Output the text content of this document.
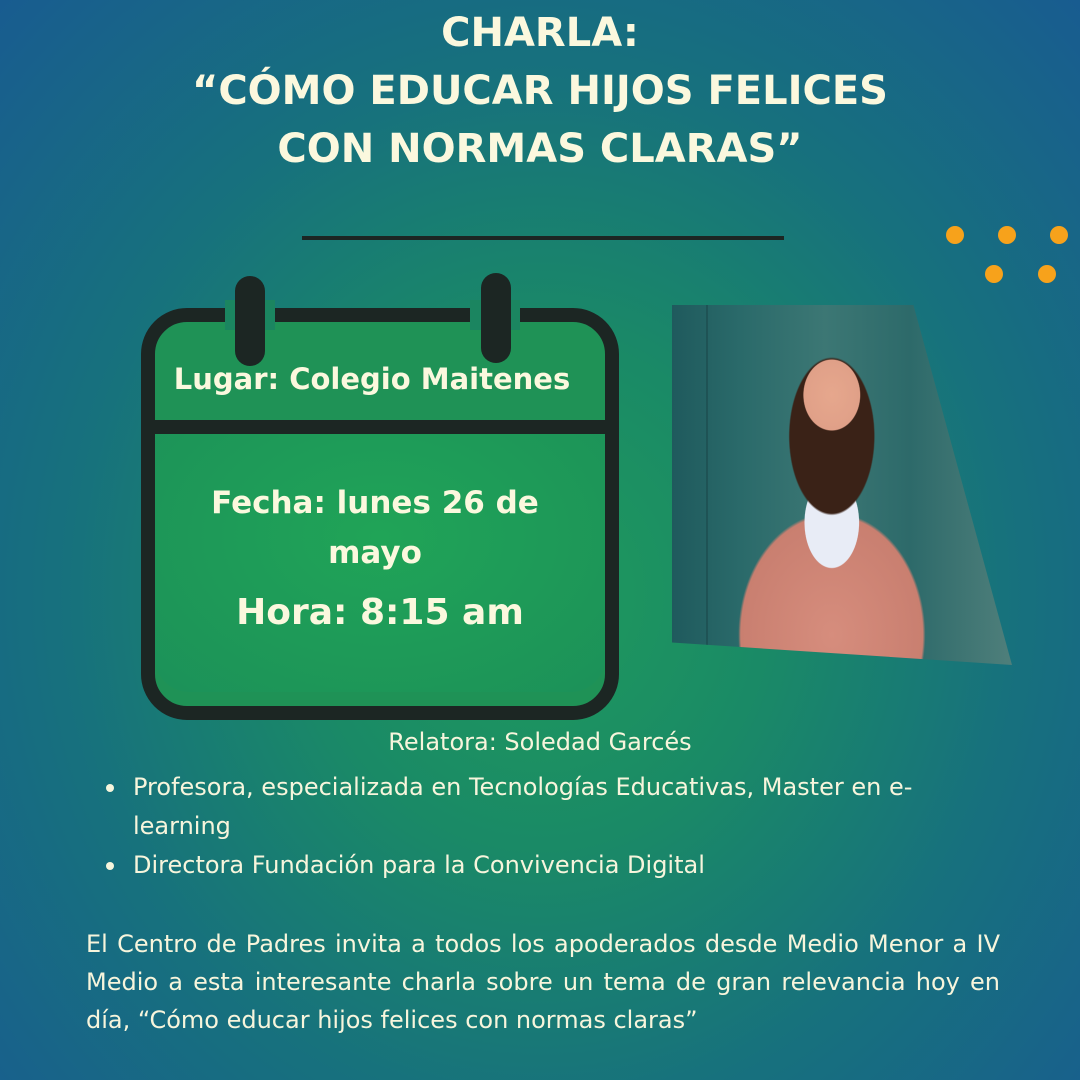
CHARLA:
“CÓMO EDUCAR HIJOS FELICES
CON NORMAS CLARAS”
Lugar: Colegio Maitenes
Fecha: lunes 26 de mayo
Hora: 8:15 am
Relatora: Soledad Garcés
Profesora, especializada en Tecnologías Educativas, Master en e-learning
Directora Fundación para la Convivencia Digital
El Centro de Padres invita a todos los apoderados desde Medio Menor a IV Medio a esta interesante charla sobre un tema de gran relevancia hoy en día, “Cómo educar hijos felices con normas claras”
